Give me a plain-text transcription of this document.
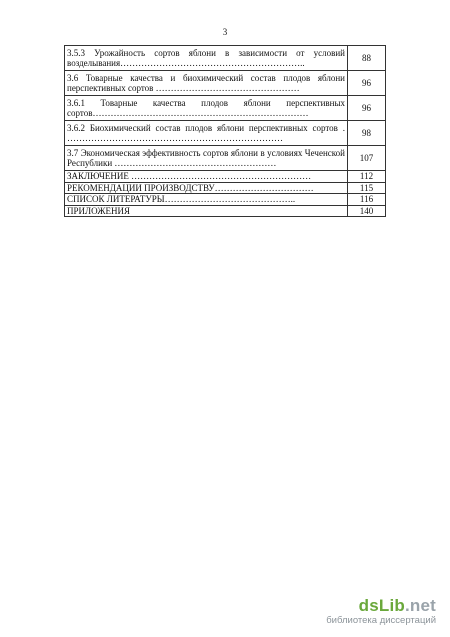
3
3.5.3 Урожайность сортов яблони в зависимости от условий возделывания……………………………………………………..	88
3.6 Товарные качества и биохимический состав плодов яблони перспективных сортов …………………………………………	96
3.6.1 Товарные качества плодов яблони перспективных сортов………………………………………………………………	96
3.6.2 Биохимический состав плодов яблони перспективных сортов . ………………………………………………………………	98
3.7 Экономическая эффективность сортов яблони в условиях Чеченской Республики ………………………………………………	107
ЗАКЛЮЧЕНИЕ ……………………………………………………	112
РЕКОМЕНДАЦИИ ПРОИЗВОДСТВУ……………………………	115
СПИСОК ЛИТЕРАТУРЫ……………………………………..	116
ПРИЛОЖЕНИЯ	140
dsLib.net
библиотека диссертаций
